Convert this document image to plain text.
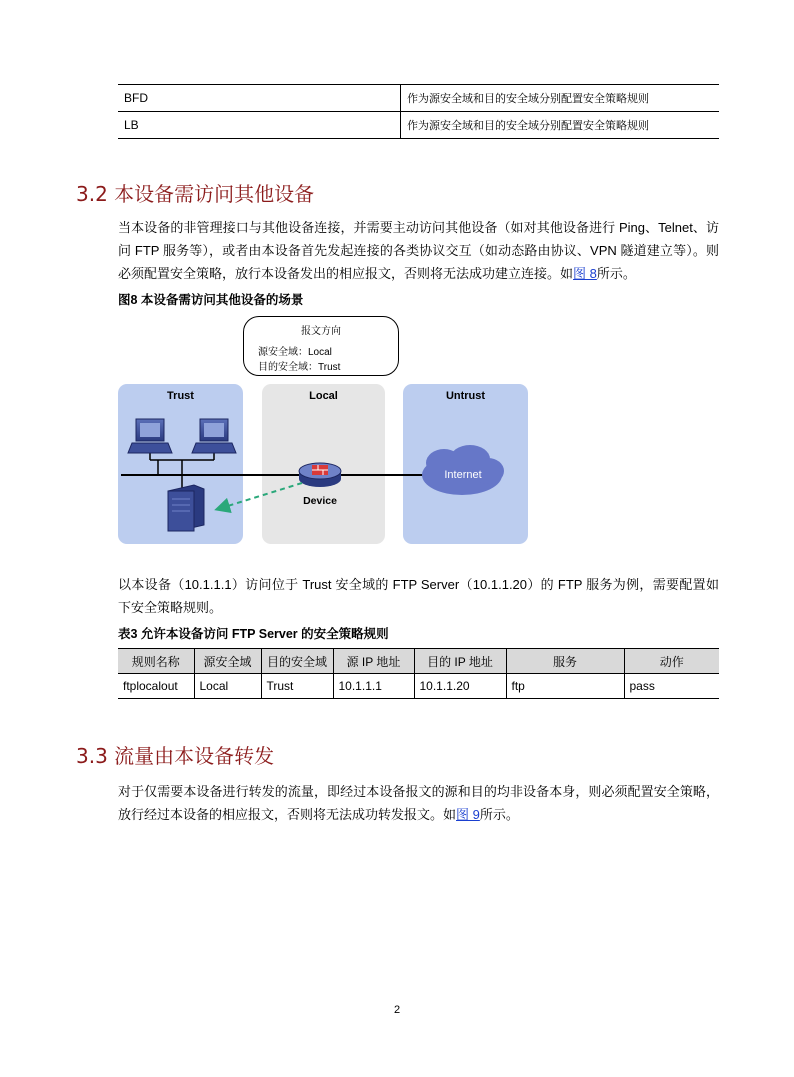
BFD	作为源安全域和目的安全域分别配置安全策略规则
LB	作为源安全域和目的安全域分别配置安全策略规则
3.2 本设备需访问其他设备
当本设备的非管理接口与其他设备连接，并需要主动访问其他设备（如对其他设备进行 Ping、Telnet、访问 FTP 服务等），或者由本设备首先发起连接的各类协议交互（如动态路由协议、VPN 隧道建立等）。则必须配置安全策略，放行本设备发出的相应报文，否则将无法成功建立连接。如图 8所示。
图8 本设备需访问其他设备的场景
Trust	Local	Untrust
报文方向
源安全域：Local
目的安全域：Trust
Device
Internet
以本设备（10.1.1.1）访问位于 Trust 安全域的 FTP Server（10.1.1.20）的 FTP 服务为例，需要配置如下安全策略规则。
表3 允许本设备访问 FTP Server 的安全策略规则
规则名称	源安全域	目的安全域	源 IP 地址	目的 IP 地址	服务	动作
ftplocalout	Local	Trust	10.1.1.1	10.1.1.20	ftp	pass
3.3 流量由本设备转发
对于仅需要本设备进行转发的流量，即经过本设备报文的源和目的均非设备本身，则必须配置安全策略，放行经过本设备的相应报文，否则将无法成功转发报文。如图 9所示。
2
